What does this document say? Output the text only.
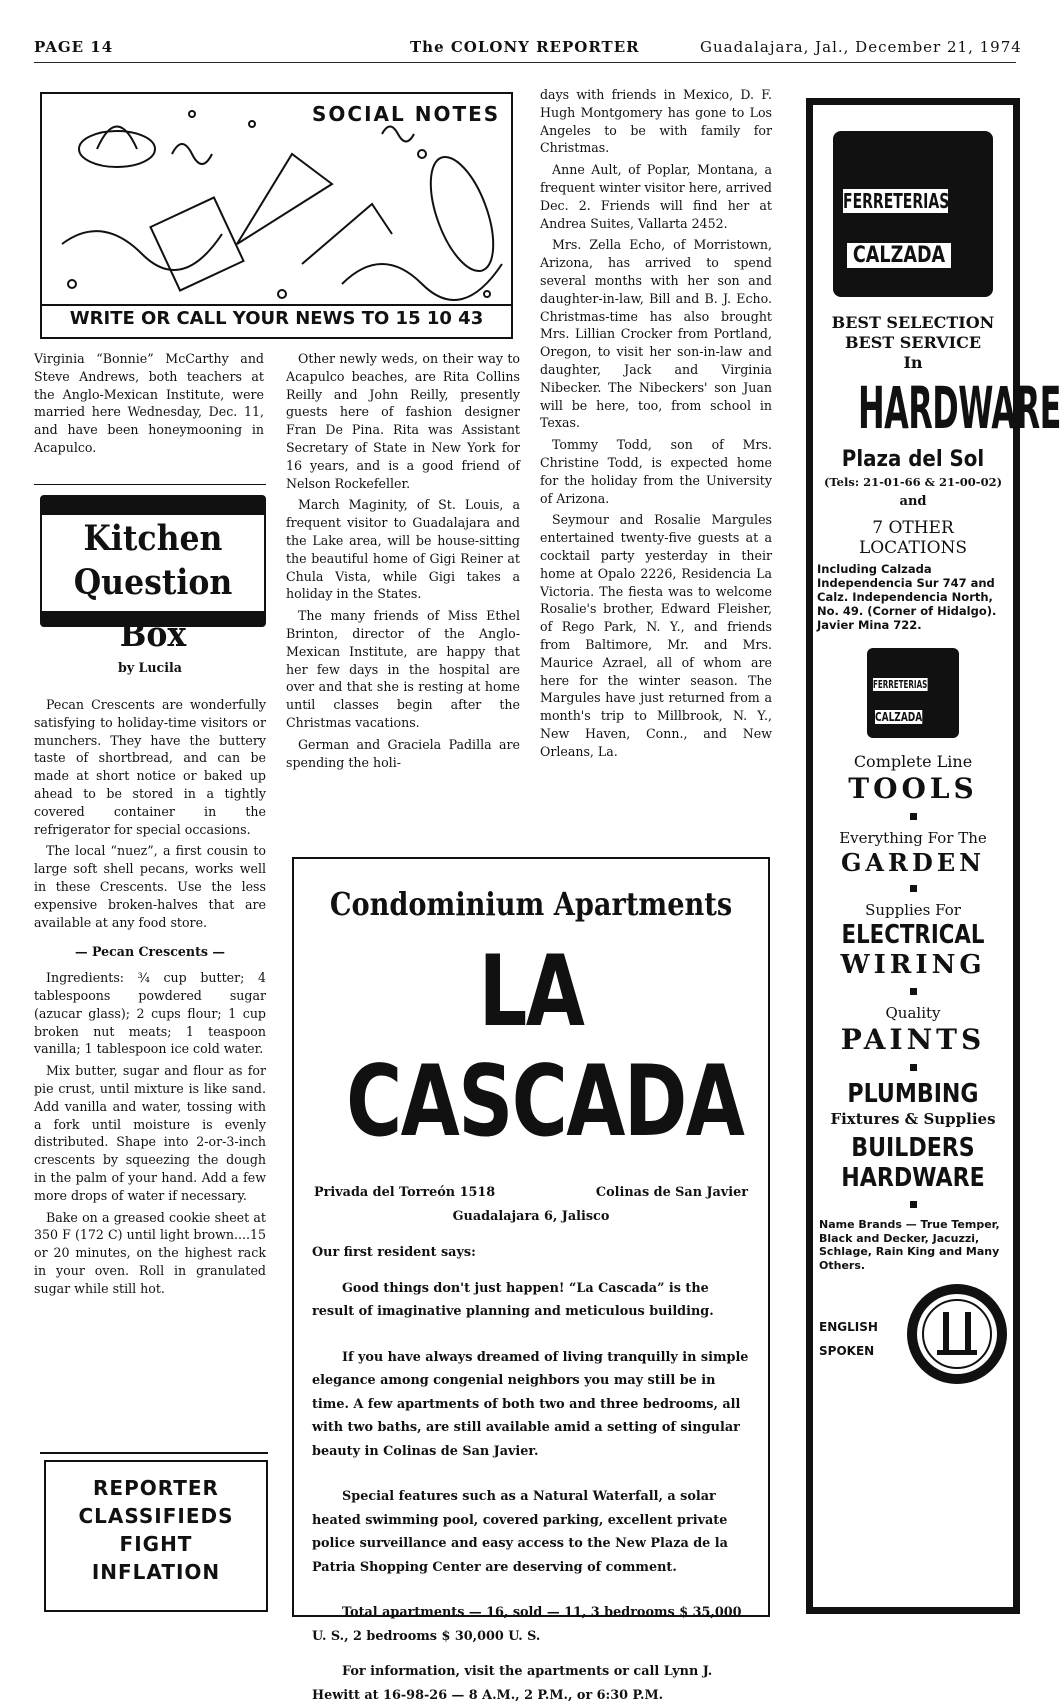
PAGE 14	The COLONY REPORTER	Guadalajara, Jal., December 21, 1974
SOCIAL NOTES
WRITE OR CALL YOUR NEWS TO 15 10 43

Virginia “Bonnie” McCarthy and Steve Andrews, both teachers at the Anglo-Mexican Institute, were married here Wednesday, Dec. 11, and have been honeymooning in Acapulco.

Kitchen
Question Box
by Lucila

Pecan Crescents are wonderfully satisfying to holiday-time visitors or munchers. They have the buttery taste of shortbread, and can be made at short notice or baked up ahead to be stored in a tightly covered container in the refrigerator for special occasions.

The local “nuez”, a first cousin to large soft shell pecans, works well in these Crescents. Use the less expensive broken-halves that are available at any food store.

— Pecan Crescents —

Ingredients: ¾ cup butter; 4 tablespoons powdered sugar (azucar glass); 2 cups flour; 1 cup broken nut meats; 1 teaspoon vanilla; 1 tablespoon ice cold water.

Mix butter, sugar and flour as for pie crust, until mixture is like sand. Add vanilla and water, tossing with a fork until moisture is evenly distributed. Shape into 2-or-3-inch crescents by squeezing the dough in the palm of your hand. Add a few more drops of water if necessary.

Bake on a greased cookie sheet at 350 F (172 C) until light brown....15 or 20 minutes, on the highest rack in your oven. Roll in granulated sugar while still hot.

REPORTER
CLASSIFIEDS
FIGHT
INFLATION

Other newly weds, on their way to Acapulco beaches, are Rita Collins Reilly and John Reilly, presently guests here of fashion designer Fran De Pina. Rita was Assistant Secretary of State in New York for 16 years, and is a good friend of Nelson Rockefeller.

March Maginity, of St. Louis, a frequent visitor to Guadalajara and the Lake area, will be house-sitting the beautiful home of Gigi Reiner at Chula Vista, while Gigi takes a holiday in the States.

The many friends of Miss Ethel Brinton, director of the Anglo-Mexican Institute, are happy that her few days in the hospital are over and that she is resting at home until classes begin after the Christmas vacations.

German and Graciela Padilla are spending the holi-

days with friends in Mexico, D. F. Hugh Montgomery has gone to Los Angeles to be with family for Christmas.

Anne Ault, of Poplar, Montana, a frequent winter visitor here, arrived Dec. 2. Friends will find her at Andrea Suites, Vallarta 2452.

Mrs. Zella Echo, of Morristown, Arizona, has arrived to spend several months with her son and daughter-in-law, Bill and B. J. Echo. Christmas-time has also brought Mrs. Lillian Crocker from Portland, Oregon, to visit her son-in-law and daughter, Jack and Virginia Nibecker. The Nibeckers' son Juan will be here, too, from school in Texas.

Tommy Todd, son of Mrs. Christine Todd, is expected home for the holiday from the University of Arizona.

Seymour and Rosalie Margules entertained twenty-five guests at a cocktail party yesterday in their home at Opalo 2226, Residencia La Victoria. The fiesta was to welcome Rosalie's brother, Edward Fleisher, of Rego Park, N. Y., and friends from Baltimore, Mr. and Mrs. Maurice Azrael, all of whom are here for the winter season. The Margules have just returned from a month's trip to Millbrook, N. Y., New Haven, Conn., and New Orleans, La.

Condominium Apartments
LA CASCADA
Privada del Torreón 1518	Colinas de San Javier
Guadalajara 6, Jalisco
Our first resident says:
Good things don't just happen! “La Cascada” is the result of imaginative planning and meticulous building.
If you have always dreamed of living tranquilly in simple elegance among congenial neighbors you may still be in time. A few apartments of both two and three bedrooms, all with two baths, are still available amid a setting of singular beauty in Colinas de San Javier.
Special features such as a Natural Waterfall, a solar heated swimming pool, covered parking, excellent private police surveillance and easy access to the New Plaza de la Patria Shopping Center are deserving of comment.
Total apartments — 16, sold — 11, 3 bedrooms $ 35,000 U. S., 2 bedrooms $ 30,000 U. S.
For information, visit the apartments or call Lynn J. Hewitt at 16-98-26 — 8 A.M., 2 P.M., or 6:30 P.M.
FERRETERIAS
CALZADA
BEST SELECTION
BEST SERVICE
In
HARDWARE
Plaza del Sol
(Tels: 21-01-66 & 21-00-02)
and
7 OTHER
LOCATIONS
Including Calzada Independencia Sur 747 and Calz. Independencia North, No. 49. (Corner of Hidalgo). Javier Mina 722.
FERRETERIAS
CALZADA
Complete Line
TOOLS
Everything For The
GARDEN
Supplies For
ELECTRICAL
WIRING
Quality
PAINTS
PLUMBING
Fixtures & Supplies
BUILDERS
HARDWARE
Name Brands — True Temper, Black and Decker, Jacuzzi, Schlage, Rain King and Many Others.
ENGLISH
SPOKEN
